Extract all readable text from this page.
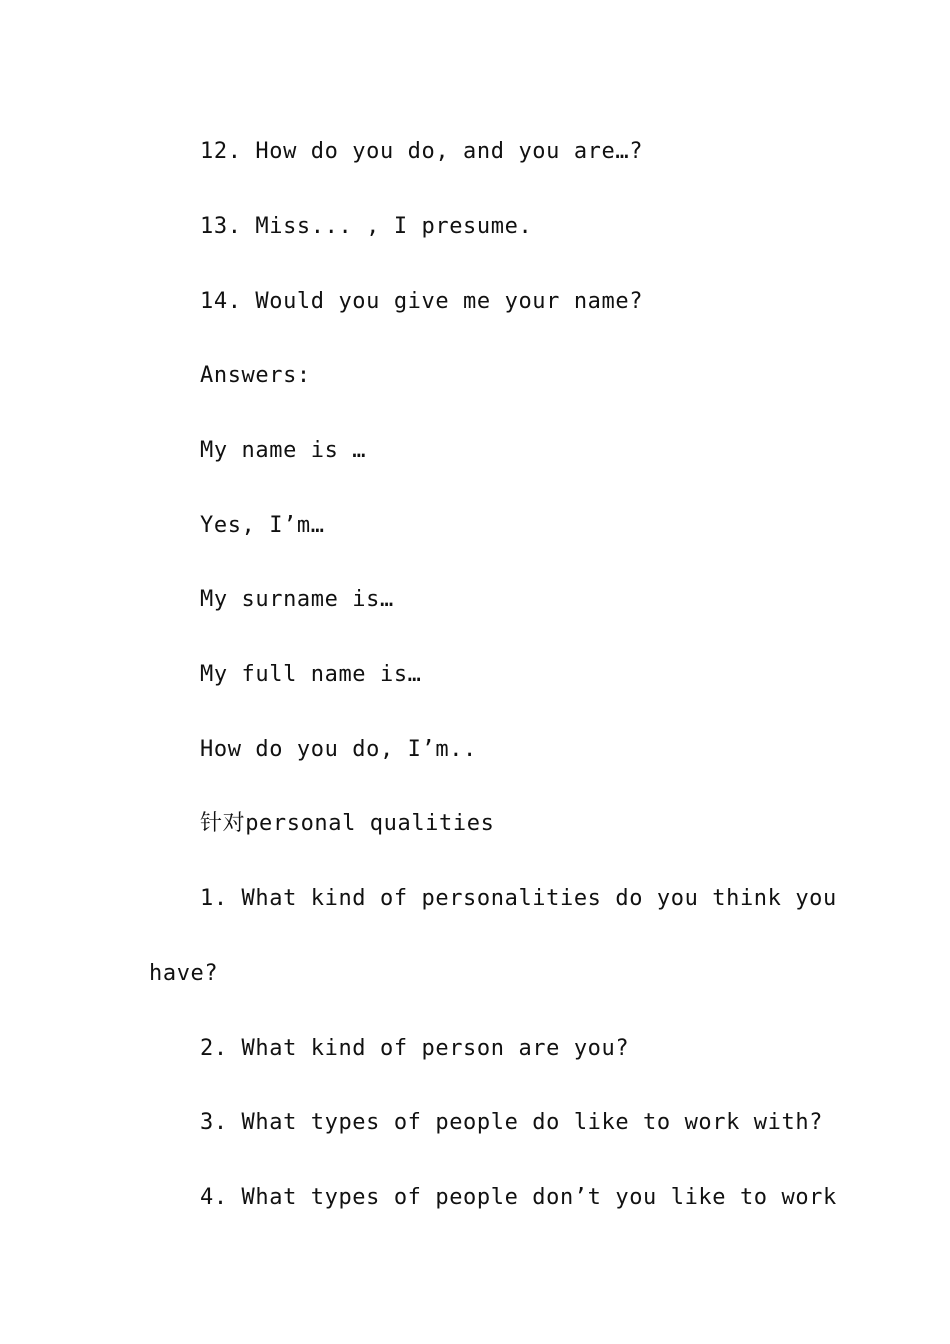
12. How do you do, and you are…?

13. Miss... , I presume.

14. Would you give me your name?

Answers:

My name is …

Yes, I’m…

My surname is…

My full name is…

How do you do, I’m..

针对personal qualities

1. What kind of personalities do you think you

have?

2. What kind of person are you?

3. What types of people do like to work with?

4. What types of people don’t you like to work
